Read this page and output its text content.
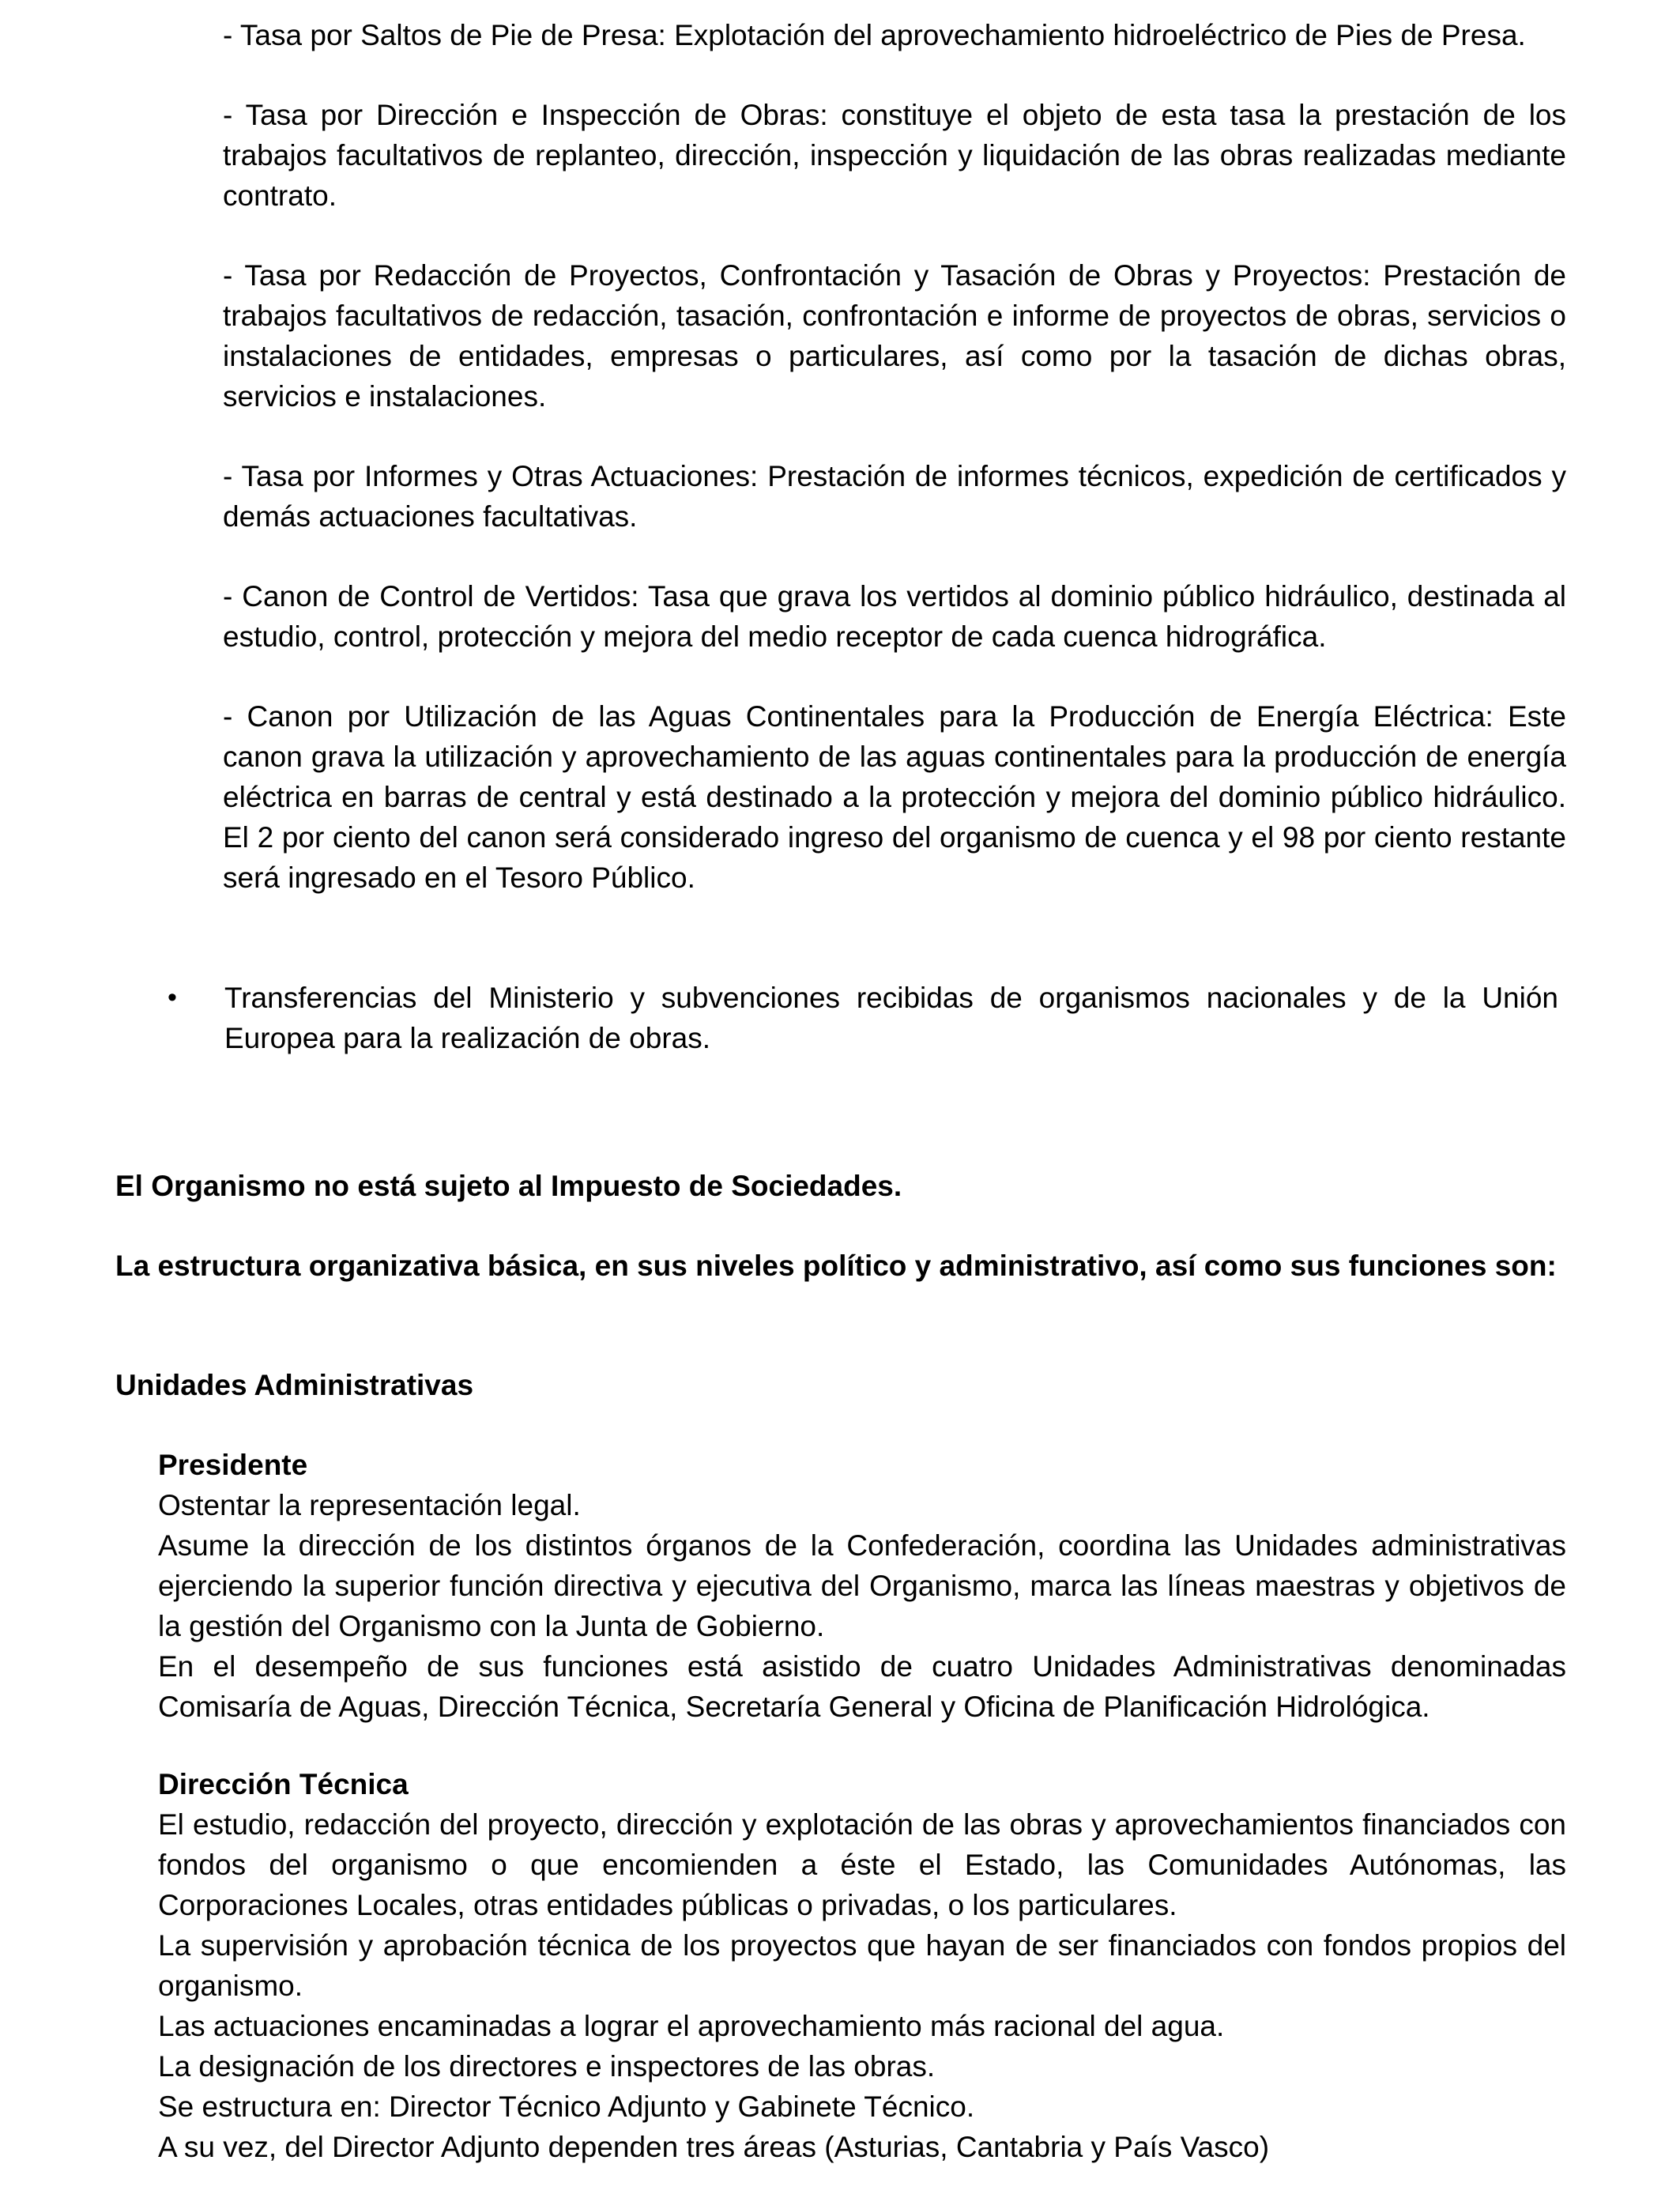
- Tasa por Saltos de Pie de Presa: Explotación del aprovechamiento hidroeléctrico de Pies de Presa.

- Tasa por Dirección e Inspección de Obras: constituye el objeto de esta tasa la prestación de los trabajos facultativos de replanteo, dirección, inspección y liquidación de las obras realizadas mediante contrato.

- Tasa por Redacción de Proyectos, Confrontación y Tasación de Obras y Proyectos: Prestación de trabajos facultativos de redacción, tasación, confrontación e informe de proyectos de obras, servicios o instalaciones de entidades, empresas o particulares, así como por la tasación de dichas obras, servicios e instalaciones.

- Tasa por Informes y Otras Actuaciones: Prestación de informes técnicos, expedición de certificados y demás actuaciones facultativas.

- Canon de Control de Vertidos: Tasa que grava los vertidos al dominio público hidráulico, destinada al estudio, control, protección y mejora del medio receptor de cada cuenca hidrográfica.

- Canon por Utilización de las Aguas Continentales para la Producción de Energía Eléctrica: Este canon grava la utilización y aprovechamiento de las aguas continentales para la producción de energía eléctrica en barras de central y está destinado a la protección y mejora del dominio público hidráulico. El 2 por ciento del canon será considerado ingreso del organismo de cuenca y el 98 por ciento restante será ingresado en el Tesoro Público.

•	Transferencias del Ministerio y subvenciones recibidas de organismos nacionales y de la Unión Europea para la realización de obras.

El Organismo no está sujeto al Impuesto de Sociedades.

La estructura organizativa básica, en sus niveles político y administrativo, así como sus funciones son:

Unidades Administrativas

Presidente

Ostentar la representación legal.

Asume la dirección de los distintos órganos de la Confederación, coordina las Unidades administrativas ejerciendo la superior función directiva y ejecutiva del Organismo, marca las líneas maestras y objetivos de la gestión del Organismo con la Junta de Gobierno.

En el desempeño de sus funciones está asistido de cuatro Unidades Administrativas denominadas Comisaría de Aguas, Dirección Técnica, Secretaría General y Oficina de Planificación Hidrológica.

Dirección Técnica

El estudio, redacción del proyecto, dirección y explotación de las obras y aprovechamientos financiados con fondos del organismo o que encomienden a éste el Estado, las Comunidades Autónomas, las Corporaciones Locales, otras entidades públicas o privadas, o los particulares.

La supervisión y aprobación técnica de los proyectos que hayan de ser financiados con fondos propios del organismo.

Las actuaciones encaminadas a lograr el aprovechamiento más racional del agua.

La designación de los directores e inspectores de las obras.

Se estructura en: Director Técnico Adjunto y Gabinete Técnico.

A su vez, del Director Adjunto dependen tres áreas (Asturias, Cantabria y País Vasco)
